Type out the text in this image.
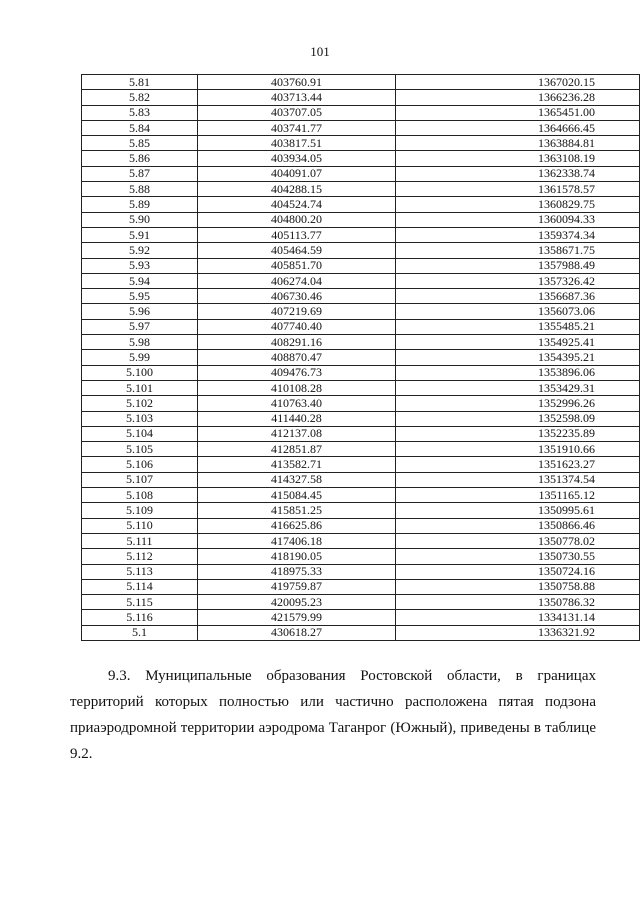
101
5.81	403760.91	1367020.15
5.82	403713.44	1366236.28
5.83	403707.05	1365451.00
5.84	403741.77	1364666.45
5.85	403817.51	1363884.81
5.86	403934.05	1363108.19
5.87	404091.07	1362338.74
5.88	404288.15	1361578.57
5.89	404524.74	1360829.75
5.90	404800.20	1360094.33
5.91	405113.77	1359374.34
5.92	405464.59	1358671.75
5.93	405851.70	1357988.49
5.94	406274.04	1357326.42
5.95	406730.46	1356687.36
5.96	407219.69	1356073.06
5.97	407740.40	1355485.21
5.98	408291.16	1354925.41
5.99	408870.47	1354395.21
5.100	409476.73	1353896.06
5.101	410108.28	1353429.31
5.102	410763.40	1352996.26
5.103	411440.28	1352598.09
5.104	412137.08	1352235.89
5.105	412851.87	1351910.66
5.106	413582.71	1351623.27
5.107	414327.58	1351374.54
5.108	415084.45	1351165.12
5.109	415851.25	1350995.61
5.110	416625.86	1350866.46
5.111	417406.18	1350778.02
5.112	418190.05	1350730.55
5.113	418975.33	1350724.16
5.114	419759.87	1350758.88
5.115	420095.23	1350786.32
5.116	421579.99	1334131.14
5.1	430618.27	1336321.92

9.3. Муниципальные образования Ростовской области, в границах территорий которых полностью или частично расположена пятая подзона приаэродромной территории аэродрома Таганрог (Южный), приведены в таблице 9.2.
